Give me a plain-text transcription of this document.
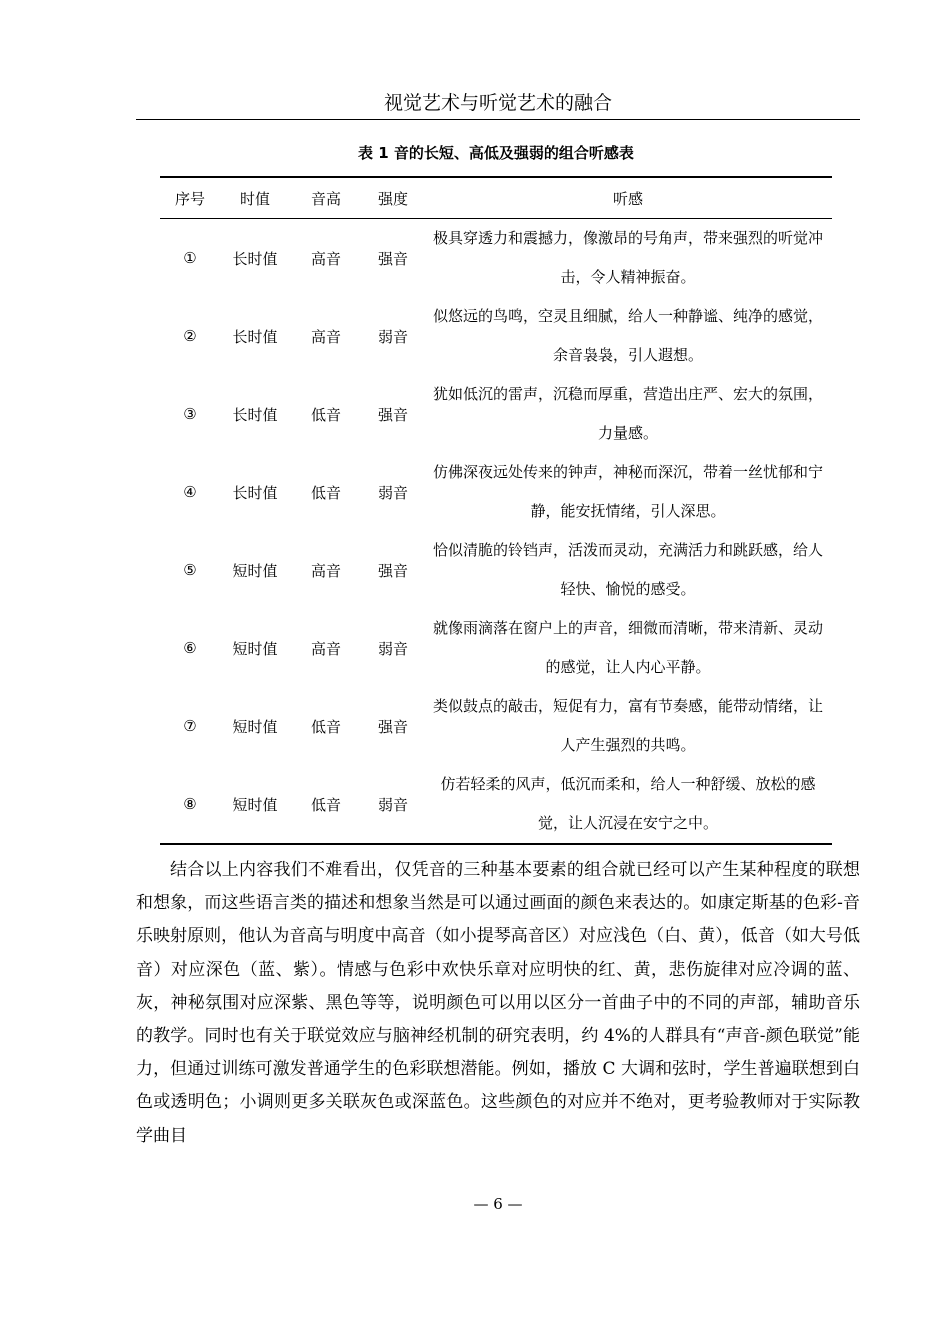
视觉艺术与听觉艺术的融合
表 1 音的长短、高低及强弱的组合听感表
序号	时值	音高	强度	听感
①	长时值	高音	强音	极具穿透力和震撼力，像激昂的号角声，带来强烈的听觉冲击，令人精神振奋。
②	长时值	高音	弱音	似悠远的鸟鸣，空灵且细腻，给人一种静谧、纯净的感觉，余音袅袅，引人遐想。
③	长时值	低音	强音	犹如低沉的雷声，沉稳而厚重，营造出庄严、宏大的氛围，力量感。
④	长时值	低音	弱音	仿佛深夜远处传来的钟声，神秘而深沉，带着一丝忧郁和宁静，能安抚情绪，引人深思。
⑤	短时值	高音	强音	恰似清脆的铃铛声，活泼而灵动，充满活力和跳跃感，给人轻快、愉悦的感受。
⑥	短时值	高音	弱音	就像雨滴落在窗户上的声音，细微而清晰，带来清新、灵动的感觉，让人内心平静。
⑦	短时值	低音	强音	类似鼓点的敲击，短促有力，富有节奏感，能带动情绪，让人产生强烈的共鸣。
⑧	短时值	低音	弱音	仿若轻柔的风声，低沉而柔和，给人一种舒缓、放松的感觉，让人沉浸在安宁之中。

结合以上内容我们不难看出，仅凭音的三种基本要素的组合就已经可以产生某种程度的联想和想象，而这些语言类的描述和想象当然是可以通过画面的颜色来表达的。如康定斯基的色彩-音乐映射原则，他认为音高与明度中高音（如小提琴高音区）对应浅色（白、黄），低音（如大号低音）对应深色（蓝、紫）。情感与色彩中欢快乐章对应明快的红、黄，悲伤旋律对应冷调的蓝、灰，神秘氛围对应深紫、黑色等等，说明颜色可以用以区分一首曲子中的不同的声部，辅助音乐的教学。同时也有关于联觉效应与脑神经机制的研究表明，约 4%的人群具有“声音-颜色联觉”能力，但通过训练可激发普通学生的色彩联想潜能。例如，播放 C 大调和弦时，学生普遍联想到白色或透明色；小调则更多关联灰色或深蓝色。这些颜色的对应并不绝对，更考验教师对于实际教学曲目

— 6 —
